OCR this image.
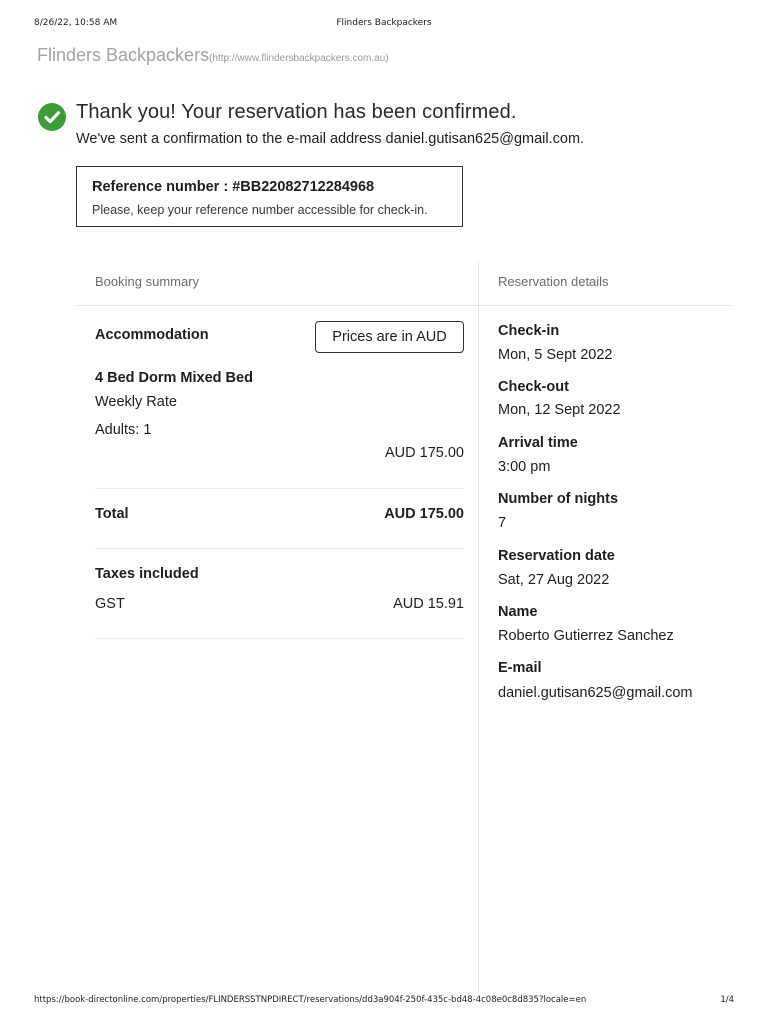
8/26/22, 10:58 AM	Flinders Backpackers
Flinders Backpackers(http://www.flindersbackpackers.com.au)
Thank you! Your reservation has been confirmed.
We've sent a confirmation to the e-mail address daniel.gutisan625@gmail.com.
Reference number : #BB22082712284968
Please, keep your reference number accessible for check-in.
Booking summary
Accommodation	Prices are in AUD
4 Bed Dorm Mixed Bed
Weekly Rate
Adults: 1
AUD 175.00
Total	AUD 175.00
Taxes included
GST	AUD 15.91
Reservation details
Check-in
Mon, 5 Sept 2022
Check-out
Mon, 12 Sept 2022
Arrival time
3:00 pm
Number of nights
7
Reservation date
Sat, 27 Aug 2022
Name
Roberto Gutierrez Sanchez
E-mail
daniel.gutisan625@gmail.com
https://book-directonline.com/properties/FLINDERSSTNPDIRECT/reservations/dd3a904f-250f-435c-bd48-4c08e0c8d835?locale=en	1/4
